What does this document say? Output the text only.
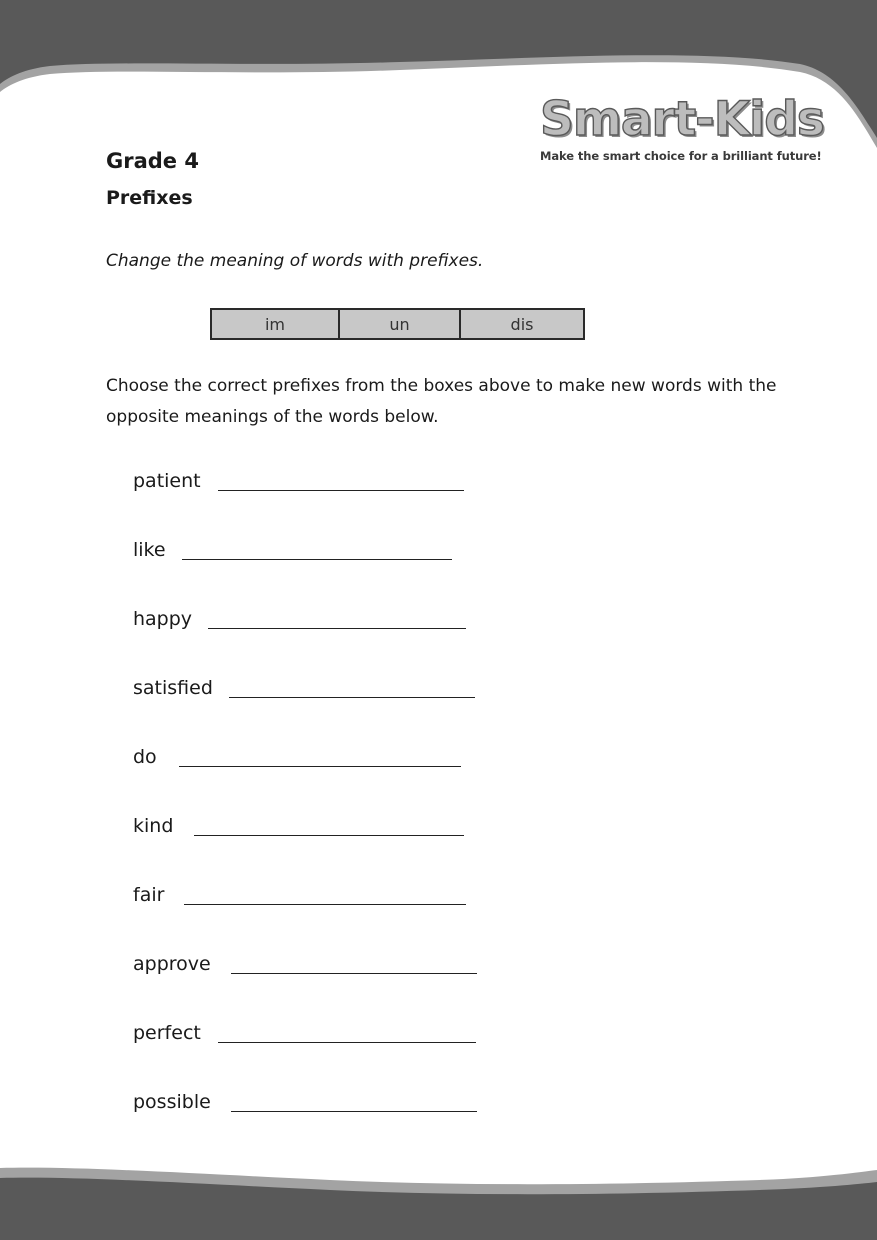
Smart-Kids
Make the smart choice for a brilliant future!
Grade 4
Prefixes
Change the meaning of words with prefixes.
im	un	dis
Choose the correct prefixes from the boxes above to make new words with the opposite meanings of the words below.
patient
like
happy
satisfied
do
kind
fair
approve
perfect
possible
